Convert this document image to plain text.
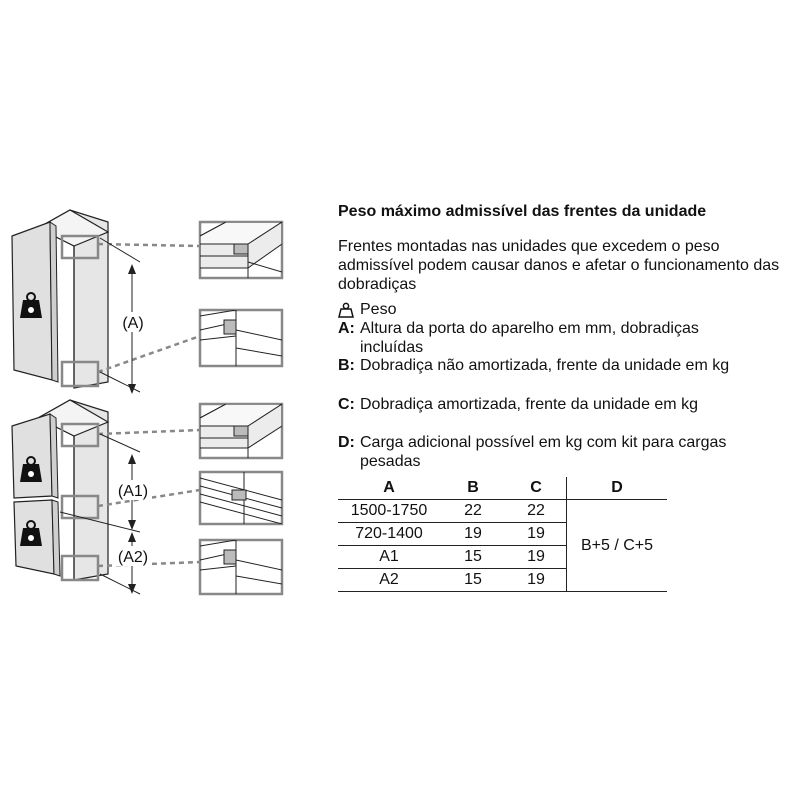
(A)
(A1)
(A2)
Peso máximo admissível das frentes da unidade
Frentes montadas nas unidades que excedem o peso admissível podem causar danos e afetar o funcionamento das dobradiças
Peso
A: Altura da porta do aparelho em mm, dobradiças incluídas
B: Dobradiça não amortizada, frente da unidade em kg
C: Dobradiça amortizada, frente da unidade em kg
D: Carga adicional possível em kg com kit para cargas pesadas
A	B	C	D
1500-1750	22	22	B+5 / C+5
720-1400	19	19	
A1	15	19	
A2	15	19	
